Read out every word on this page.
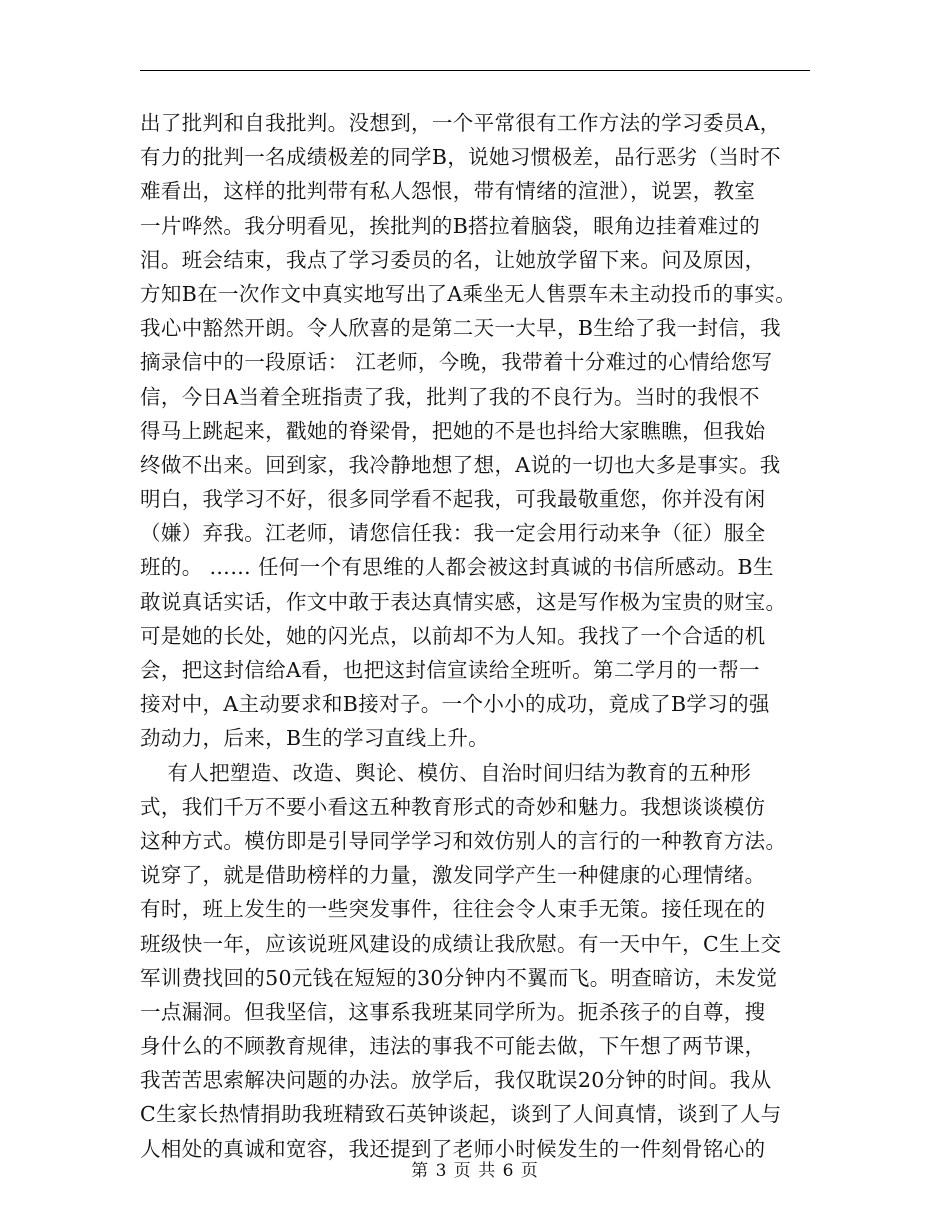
出了批判和自我批判。没想到，一个平常很有工作方法的学习委员A，
有力的批判一名成绩极差的同学B，说她习惯极差，品行恶劣（当时不
难看出，这样的批判带有私人怨恨，带有情绪的渲泄），说罢，教室
一片哗然。我分明看见，挨批判的B搭拉着脑袋，眼角边挂着难过的
泪。班会结束，我点了学习委员的名，让她放学留下来。问及原因，
方知B在一次作文中真实地写出了A乘坐无人售票车未主动投币的事实。
我心中豁然开朗。令人欣喜的是第二天一大早，B生给了我一封信，我
摘录信中的一段原话： 江老师，今晚，我带着十分难过的心情给您写
信，今日A当着全班指责了我，批判了我的不良行为。当时的我恨不
得马上跳起来，戳她的脊梁骨，把她的不是也抖给大家瞧瞧，但我始
终做不出来。回到家，我冷静地想了想，A说的一切也大多是事实。我
明白，我学习不好，很多同学看不起我，可我最敬重您，你并没有闲
（嫌）弃我。江老师，请您信任我：我一定会用行动来争（征）服全
班的。 …… 任何一个有思维的人都会被这封真诚的书信所感动。B生
敢说真话实话，作文中敢于表达真情实感，这是写作极为宝贵的财宝。
可是她的长处，她的闪光点，以前却不为人知。我找了一个合适的机
会，把这封信给A看，也把这封信宣读给全班听。第二学月的一帮一
接对中，A主动要求和B接对子。一个小小的成功，竟成了B学习的强
劲动力，后来，B生的学习直线上升。
有人把塑造、改造、舆论、模仿、自治时间归结为教育的五种形
式，我们千万不要小看这五种教育形式的奇妙和魅力。我想谈谈模仿
这种方式。模仿即是引导同学学习和效仿别人的言行的一种教育方法。
说穿了，就是借助榜样的力量，激发同学产生一种健康的心理情绪。
有时，班上发生的一些突发事件，往往会令人束手无策。接任现在的
班级快一年，应该说班风建设的成绩让我欣慰。有一天中午，C生上交
军训费找回的50元钱在短短的30分钟内不翼而飞。明查暗访，未发觉
一点漏洞。但我坚信，这事系我班某同学所为。扼杀孩子的自尊，搜
身什么的不顾教育规律，违法的事我不可能去做，下午想了两节课，
我苦苦思索解决问题的办法。放学后，我仅耽误20分钟的时间。我从
C生家长热情捐助我班精致石英钟谈起，谈到了人间真情，谈到了人与
人相处的真诚和宽容，我还提到了老师小时候发生的一件刻骨铭心的
第 3 页 共 6 页
